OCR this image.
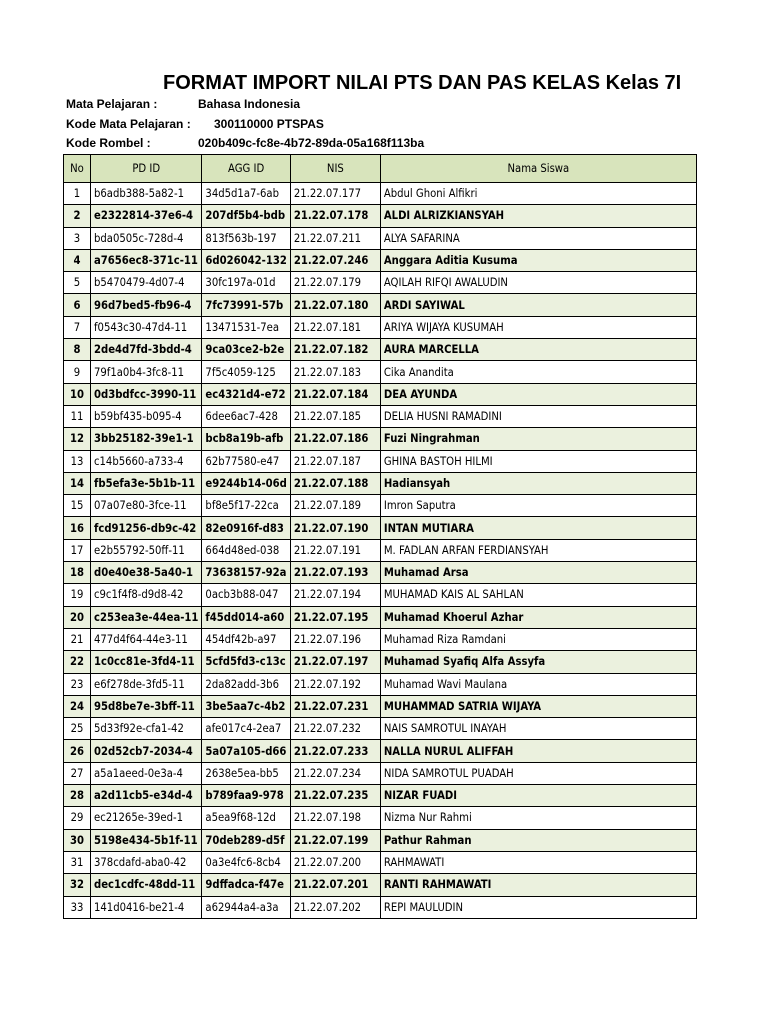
FORMAT IMPORT NILAI PTS DAN PAS KELAS Kelas 7I
Mata Pelajaran :	Bahasa Indonesia
Kode Mata Pelajaran : 300110000 PTSPAS
Kode Rombel :	020b409c-fc8e-4b72-89da-05a168f113ba
No	PD ID	AGG ID	NIS	Nama Siswa
1	b6adb388-5a82-1	34d5d1a7-6ab	21.22.07.177	Abdul Ghoni Alfikri
2	e2322814-37e6-4	207df5b4-bdb	21.22.07.178	ALDI ALRIZKIANSYAH
3	bda0505c-728d-4	813f563b-197	21.22.07.211	ALYA SAFARINA
4	a7656ec8-371c-11	6d026042-132	21.22.07.246	Anggara Aditia Kusuma
5	b5470479-4d07-4	30fc197a-01d	21.22.07.179	AQILAH RIFQI AWALUDIN
6	96d7bed5-fb96-4	7fc73991-57b	21.22.07.180	ARDI SAYIWAL
7	f0543c30-47d4-11	13471531-7ea	21.22.07.181	ARIYA WIJAYA KUSUMAH
8	2de4d7fd-3bdd-4	9ca03ce2-b2e	21.22.07.182	AURA MARCELLA
9	79f1a0b4-3fc8-11	7f5c4059-125	21.22.07.183	Cika Anandita
10	0d3bdfcc-3990-11	ec4321d4-e72	21.22.07.184	DEA AYUNDA
11	b59bf435-b095-4	6dee6ac7-428	21.22.07.185	DELIA HUSNI RAMADINI
12	3bb25182-39e1-1	bcb8a19b-afb	21.22.07.186	Fuzi Ningrahman
13	c14b5660-a733-4	62b77580-e47	21.22.07.187	GHINA BASTOH HILMI
14	fb5efa3e-5b1b-11	e9244b14-06d	21.22.07.188	Hadiansyah
15	07a07e80-3fce-11	bf8e5f17-22ca	21.22.07.189	Imron Saputra
16	fcd91256-db9c-42	82e0916f-d83	21.22.07.190	INTAN MUTIARA
17	e2b55792-50ff-11	664d48ed-038	21.22.07.191	M. FADLAN ARFAN FERDIANSYAH
18	d0e40e38-5a40-1	73638157-92a	21.22.07.193	Muhamad Arsa
19	c9c1f4f8-d9d8-42	0acb3b88-047	21.22.07.194	MUHAMAD KAIS AL SAHLAN
20	c253ea3e-44ea-11	f45dd014-a60	21.22.07.195	Muhamad Khoerul Azhar
21	477d4f64-44e3-11	454df42b-a97	21.22.07.196	Muhamad Riza Ramdani
22	1c0cc81e-3fd4-11	5cfd5fd3-c13c	21.22.07.197	Muhamad Syafiq Alfa Assyfa
23	e6f278de-3fd5-11	2da82add-3b6	21.22.07.192	Muhamad Wavi Maulana
24	95d8be7e-3bff-11	3be5aa7c-4b2	21.22.07.231	MUHAMMAD SATRIA WIJAYA
25	5d33f92e-cfa1-42	afe017c4-2ea7	21.22.07.232	NAIS SAMROTUL INAYAH
26	02d52cb7-2034-4	5a07a105-d66	21.22.07.233	NALLA NURUL ALIFFAH
27	a5a1aeed-0e3a-4	2638e5ea-bb5	21.22.07.234	NIDA SAMROTUL PUADAH
28	a2d11cb5-e34d-4	b789faa9-978	21.22.07.235	NIZAR FUADI
29	ec21265e-39ed-1	a5ea9f68-12d	21.22.07.198	Nizma Nur Rahmi
30	5198e434-5b1f-11	70deb289-d5f	21.22.07.199	Pathur Rahman
31	378cdafd-aba0-42	0a3e4fc6-8cb4	21.22.07.200	RAHMAWATI
32	dec1cdfc-48dd-11	9dffadca-f47e	21.22.07.201	RANTI RAHMAWATI
33	141d0416-be21-4	a62944a4-a3a	21.22.07.202	REPI MAULUDIN
